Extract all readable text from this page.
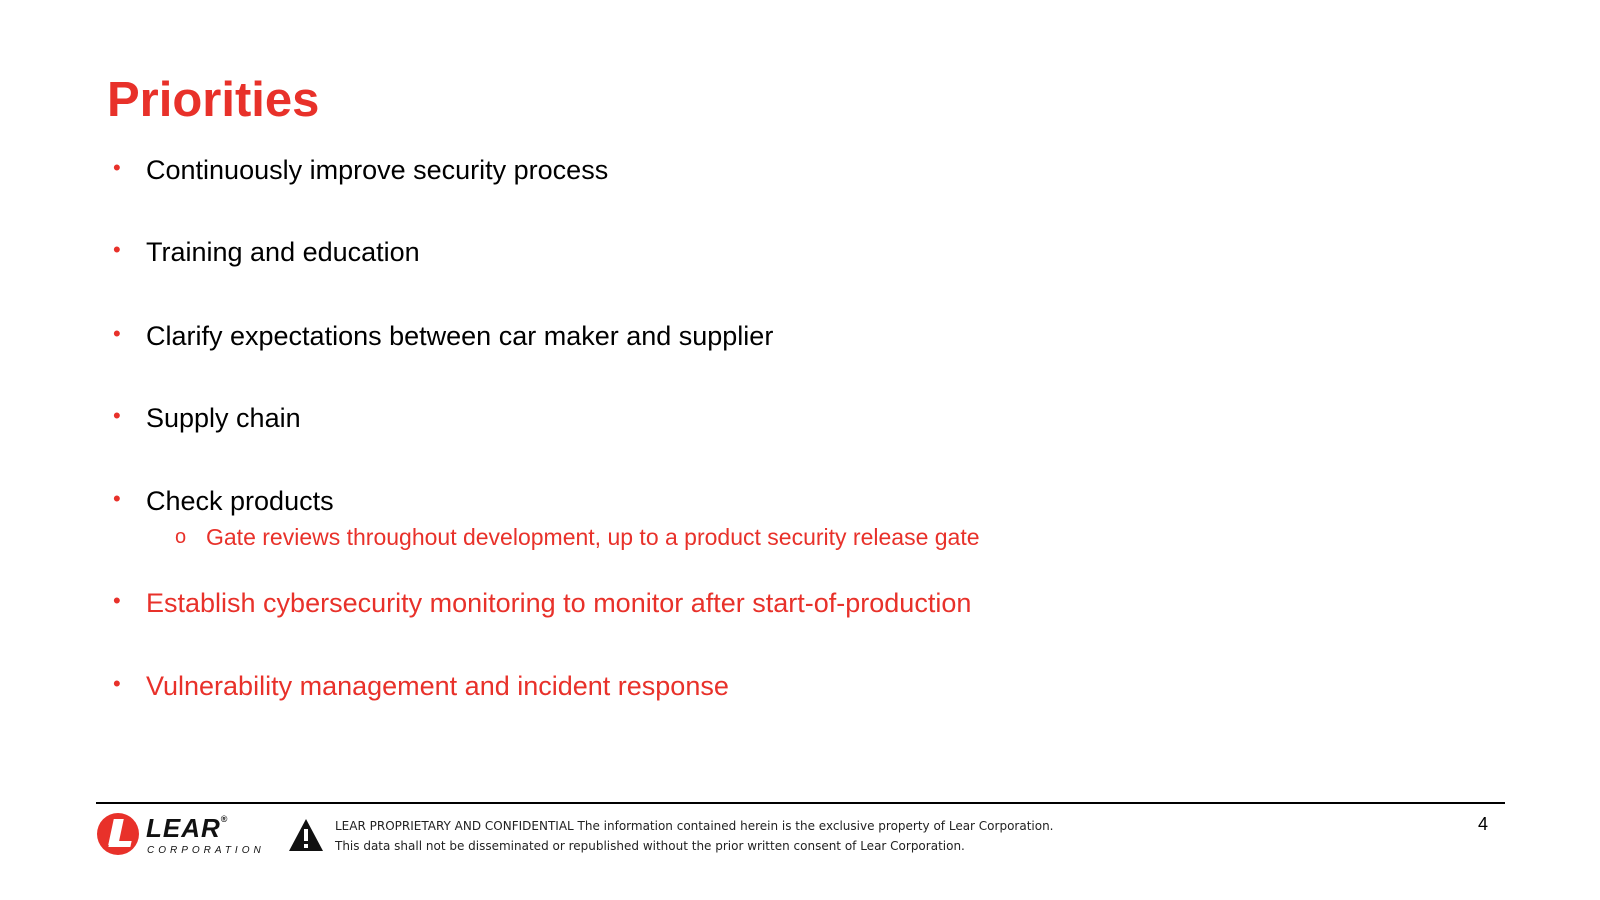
Priorities
• Continuously improve security process
• Training and education
• Clarify expectations between car maker and supplier
• Supply chain
• Check products
o Gate reviews throughout development, up to a product security release gate
• Establish cybersecurity monitoring to monitor after start-of-production
• Vulnerability management and incident response
LEAR®
CORPORATION
LEAR PROPRIETARY AND CONFIDENTIAL The information contained herein is the exclusive property of Lear Corporation.
This data shall not be disseminated or republished without the prior written consent of Lear Corporation.
4
